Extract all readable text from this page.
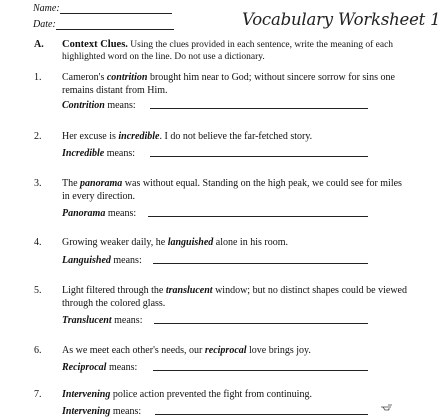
Name:
Date:	Vocabulary Worksheet 1
A. Context Clues. Using the clues provided in each sentence, write the meaning of each highlighted word on the line. Do not use a dictionary.
1. Cameron's contrition brought him near to God; without sincere sorrow for sins one remains distant from Him.
Contrition means:
2. Her excuse is incredible. I do not believe the far-fetched story.
Incredible means:
3. The panorama was without equal. Standing on the high peak, we could see for miles in every direction.
Panorama means:
4. Growing weaker daily, he languished alone in his room.
Languished means:
5. Light filtered through the translucent window; but no distinct shapes could be viewed through the colored glass.
Translucent means:
6. As we meet each other's needs, our reciprocal love brings joy.
Reciprocal means:
7. Intervening police action prevented the fight from continuing.
Intervening means:
